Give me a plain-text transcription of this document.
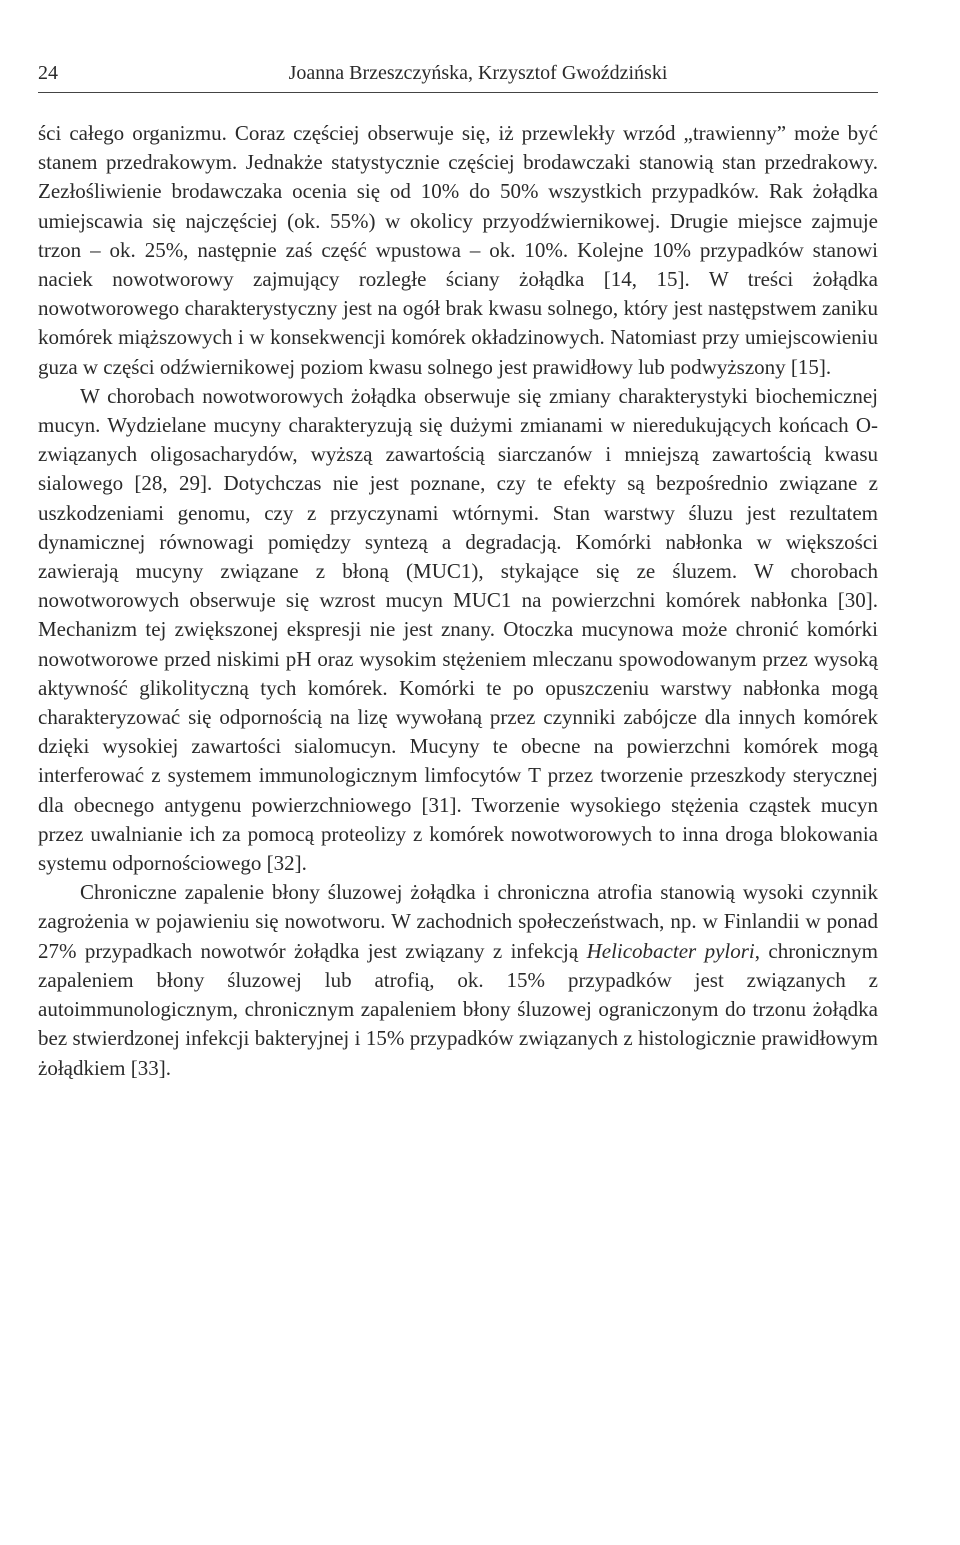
24	Joanna Brzeszczyńska, Krzysztof Gwoździński

ści całego organizmu. Coraz częściej obserwuje się, iż przewlekły wrzód „trawienny” może być stanem przedrakowym. Jednakże statystycznie częściej brodawczaki stanowią stan przedrakowy. Zezłośliwienie brodawczaka ocenia się od 10% do 50% wszystkich przypadków. Rak żołądka umiejscawia się najczęściej (ok. 55%) w okolicy przyodźwiernikowej. Drugie miejsce zajmuje trzon – ok. 25%, następnie zaś część wpustowa – ok. 10%. Kolejne 10% przypadków stanowi naciek nowotworowy zajmujący rozległe ściany żołądka [14, 15]. W treści żołądka nowotworowego charakterystyczny jest na ogół brak kwasu solnego, który jest następstwem zaniku komórek miąższowych i w konsekwencji komórek okładzinowych. Natomiast przy umiejscowieniu guza w części odźwiernikowej poziom kwasu solnego jest prawidłowy lub podwyższony [15].

W chorobach nowotworowych żołądka obserwuje się zmiany charakterystyki biochemicznej mucyn. Wydzielane mucyny charakteryzują się dużymi zmianami w nieredukujących końcach O- związanych oligosacharydów, wyższą zawartością siarczanów i mniejszą zawartością kwasu sialowego [28, 29]. Dotychczas nie jest poznane, czy te efekty są bezpośrednio związane z uszkodzeniami genomu, czy z przyczynami wtórnymi. Stan warstwy śluzu jest rezultatem dynamicznej równowagi pomiędzy syntezą a degradacją. Komórki nabłonka w większości zawierają mucyny związane z błoną (MUC1), stykające się ze śluzem. W chorobach nowotworowych obserwuje się wzrost mucyn MUC1 na powierzchni komórek nabłonka [30]. Mechanizm tej zwiększonej ekspresji nie jest znany. Otoczka mucynowa może chronić komórki nowotworowe przed niskimi pH oraz wysokim stężeniem mleczanu spowodowanym przez wysoką aktywność glikolityczną tych komórek. Komórki te po opuszczeniu warstwy nabłonka mogą charakteryzować się odpornością na lizę wywołaną przez czynniki zabójcze dla innych komórek dzięki wysokiej zawartości sialomucyn. Mucyny te obecne na powierzchni komórek mogą interferować z systemem immunologicznym limfocytów T przez tworzenie przeszkody sterycznej dla obecnego antygenu powierzchniowego [31]. Tworzenie wysokiego stężenia cząstek mucyn przez uwalnianie ich za pomocą proteolizy z komórek nowotworowych to inna droga blokowania systemu odpornościowego [32].

Chroniczne zapalenie błony śluzowej żołądka i chroniczna atrofia stanowią wysoki czynnik zagrożenia w pojawieniu się nowotworu. W zachodnich społeczeństwach, np. w Finlandii w ponad 27% przypadkach nowotwór żołądka jest związany z infekcją Helicobacter pylori, chronicznym zapaleniem błony śluzowej lub atrofią, ok. 15% przypadków jest związanych z autoimmunologicznym, chronicznym zapaleniem błony śluzowej ograniczonym do trzonu żołądka bez stwierdzonej infekcji bakteryjnej i 15% przypadków związanych z histologicznie prawidłowym żołądkiem [33].
